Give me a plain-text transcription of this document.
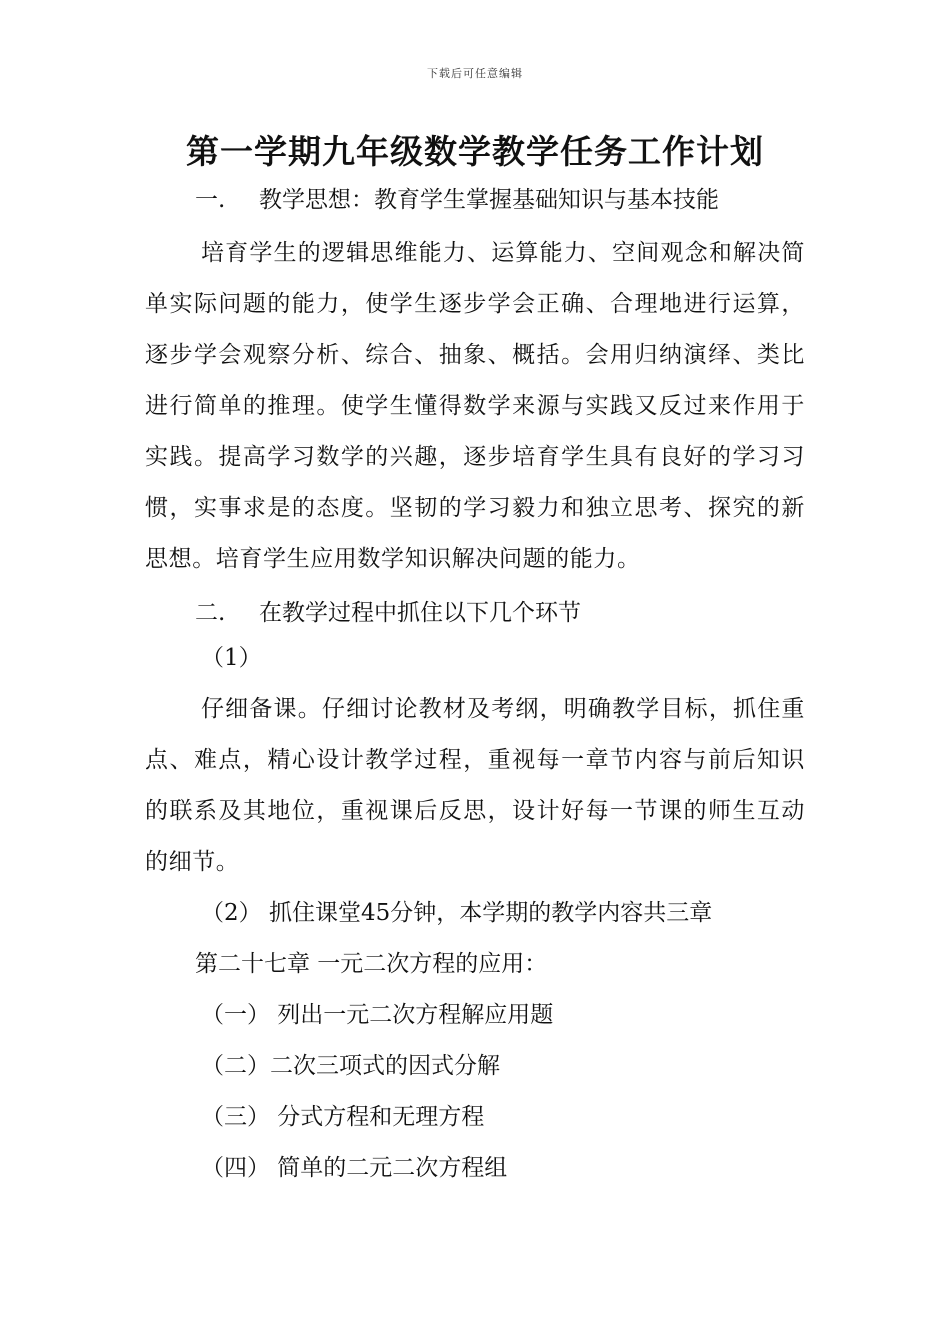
下载后可任意编辑
第一学期九年级数学教学任务工作计划

一. 教学思想：教育学生掌握基础知识与基本技能

培育学生的逻辑思维能力、运算能力、空间观念和解决简单实际问题的能力，使学生逐步学会正确、合理地进行运算，逐步学会观察分析、综合、抽象、概括。会用归纳演绎、类比进行简单的推理。使学生懂得数学来源与实践又反过来作用于实践。提高学习数学的兴趣，逐步培育学生具有良好的学习习惯，实事求是的态度。坚韧的学习毅力和独立思考、探究的新思想。培育学生应用数学知识解决问题的能力。

二. 在教学过程中抓住以下几个环节

（1）

仔细备课。仔细讨论教材及考纲，明确教学目标，抓住重点、难点，精心设计教学过程，重视每一章节内容与前后知识的联系及其地位，重视课后反思，设计好每一节课的师生互动的细节。

（2） 抓住课堂45分钟，本学期的教学内容共三章

第二十七章 一元二次方程的应用：

（一） 列出一元二次方程解应用题

（二）二次三项式的因式分解

（三） 分式方程和无理方程

（四） 简单的二元二次方程组
